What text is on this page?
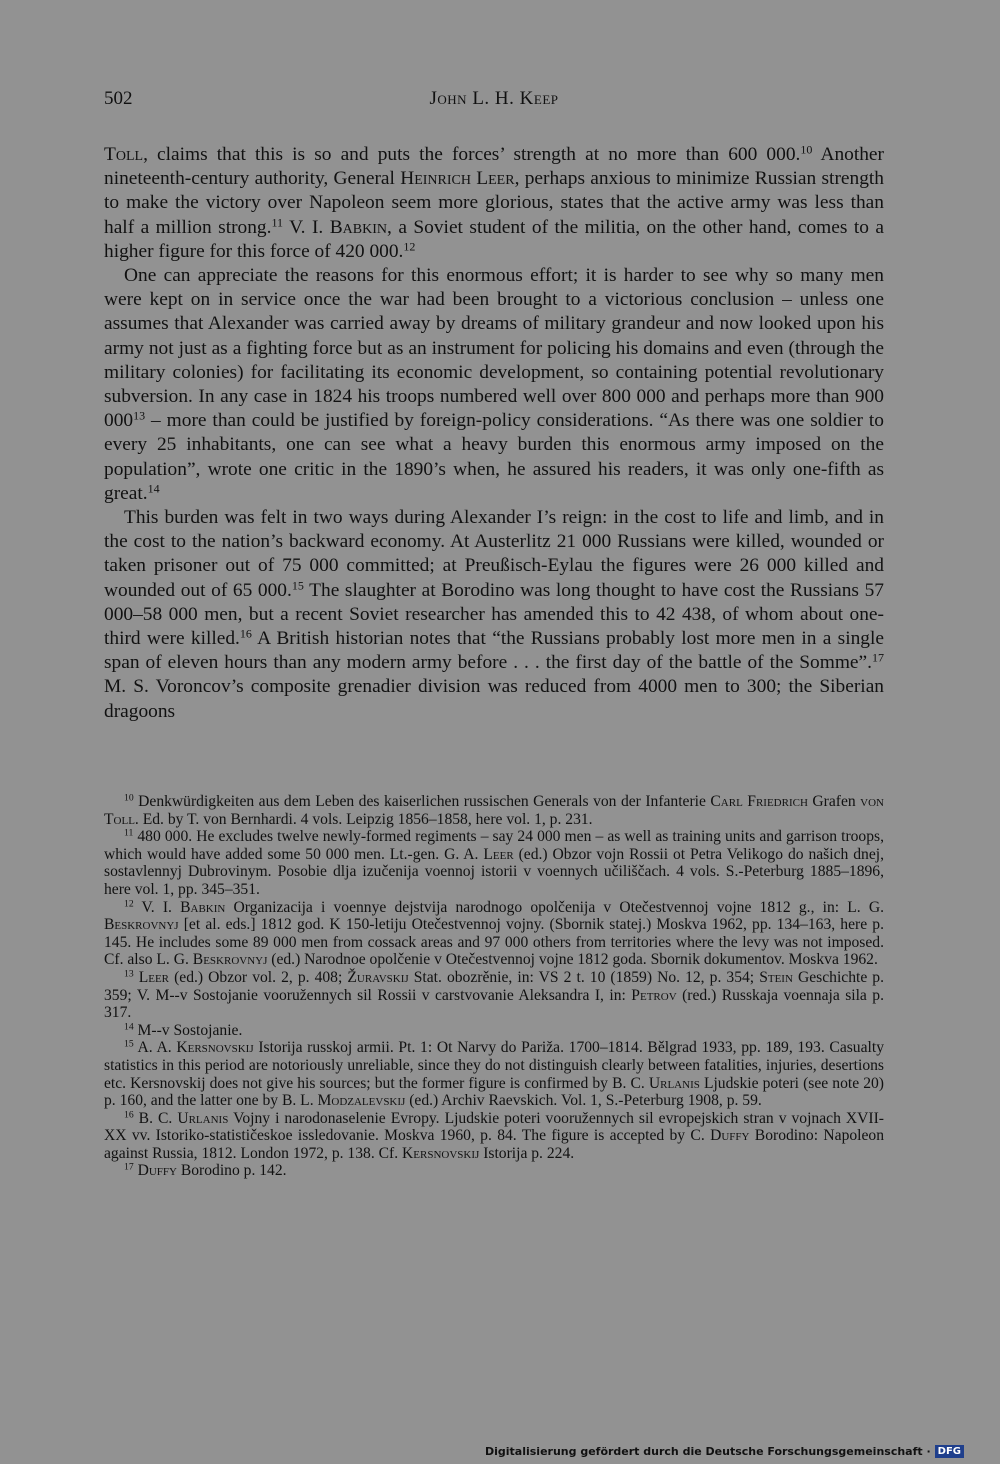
502	John L. H. Keep

Toll, claims that this is so and puts the forces’ strength at no more than 600 000.10 Another nineteenth-century authority, General Heinrich Leer, perhaps anxious to minimize Russian strength to make the victory over Napoleon seem more glorious, states that the active army was less than half a million strong.$^{11}$ V. I. Babkin, a Soviet student of the militia, on the other hand, comes to a higher figure for this force of 420 000.12

One can appreciate the reasons for this enormous effort; it is harder to see why so many men were kept on in service once the war had been brought to a victorious conclusion – unless one assumes that Alexander was carried away by dreams of military grandeur and now looked upon his army not just as a fighting force but as an instrument for policing his domains and even (through the military colonies) for facilitating its economic development, so containing potential revolutionary subversion. In any case in 1824 his troops numbered well over 800 000 and perhaps more than 900 $000^{13}$ – more than could be justified by foreign-policy considerations. “As there was one soldier to every 25 inhabitants, one can see what a heavy burden this enormous army imposed on the population”, wrote one critic in the 1890’s when, he assured his readers, it was only one-fifth as great.$^{14}$

This burden was felt in two ways during Alexander I’s reign: in the cost to life and limb, and in the cost to the nation’s backward economy. At Austerlitz 21 000 Russians were killed, wounded or taken prisoner out of 75 000 committed; at Preußisch-Eylau the figures were 26 000 killed and wounded out of 65 000.15 The slaughter at Borodino was long thought to have cost the Russians 57 000–58 000 men, but a recent Soviet researcher has amended this to 42 438, of whom about one-third were killed.$^{16}$ A British historian notes that “the Russians probably lost more men in a single span of eleven hours than any modern army before . . . the first day of the battle of the Somme”.$^{17}$ M. S. Voroncov’s composite grenadier division was reduced from 4000 men to 300; the Siberian dragoons

$^{10}$ Denkwürdigkeiten aus dem Leben des kaiserlichen russischen Generals von der Infanterie Carl Friedrich Grafen von Toll. Ed. by T. von Bernhardi. 4 vols. Leipzig 1856–1858, here vol. 1, p. 231.

$^{11}$ 480 000. He excludes twelve newly-formed regiments – say 24 000 men – as well as training units and garrison troops, which would have added some 50 000 men. Lt.-gen. G. A. Leer (ed.) Obzor vojn Rossii ot Petra Velikogo do našich dnej, sostavlennyj Dubrovinym. Posobie dlja izučenija voennoj istorii v voennych učiliščach. 4 vols. S.-Peterburg 1885–1896, here vol. 1, pp. 345–351.

$^{12}$ V. I. Babkin Organizacija i voennye dejstvija narodnogo opolčenija v Otečestvennoj vojne 1812 g., in: L. G. Beskrovnyj [et al. eds.] 1812 god. K 150-letiju Otečestvennoj vojny. (Sbornik statej.) Moskva 1962, pp. 134–163, here p. 145. He includes some 89 000 men from cossack areas and 97 000 others from territories where the levy was not imposed. Cf. also L. G. Beskrovnyj (ed.) Narodnoe opolčenie v Otečestvennoj vojne 1812 goda. Sbornik dokumentov. Moskva 1962.

$^{13}$ Leer (ed.) Obzor vol. 2, p. 408; Žuravskij Stat. obozrěnie, in: VS 2 t. 10 (1859) No. 12, p. 354; Stein Geschichte p. 359; V. M--v Sostojanie vooružennych sil Rossii v carstvovanie Aleksandra I, in: Petrov (red.) Russkaja voennaja sila p. 317.

$^{14}$ M--v Sostojanie.

$^{15}$ A. A. Kersnovskij Istorija russkoj armii. Pt. 1: Ot Narvy do Pariža. 1700–1814. Bělgrad 1933, pp. 189, 193. Casualty statistics in this period are notoriously unreliable, since they do not distinguish clearly between fatalities, injuries, desertions etc. Kersnovskij does not give his sources; but the former figure is confirmed by B. C. Urlanis Ljudskie poteri (see note 20) p. 160, and the latter one by B. L. Modzalevskij (ed.) Archiv Raevskich. Vol. 1, S.-Peterburg 1908, p. 59.

$^{16}$ B. C. Urlanis Vojny i narodonaselenie Evropy. Ljudskie poteri vooružennych sil evropejskich stran v vojnach XVII-XX vv. Istoriko-statističeskoe issledovanie. Moskva 1960, p. 84. The figure is accepted by C. Duffy Borodino: Napoleon against Russia, 1812. London 1972, p. 138. Cf. Kersnovskij Istorija p. 224.

$^{17}$ Duffy Borodino p. 142.

Digitalisierung gefördert durch die Deutsche Forschungsgemeinschaft · DFG
